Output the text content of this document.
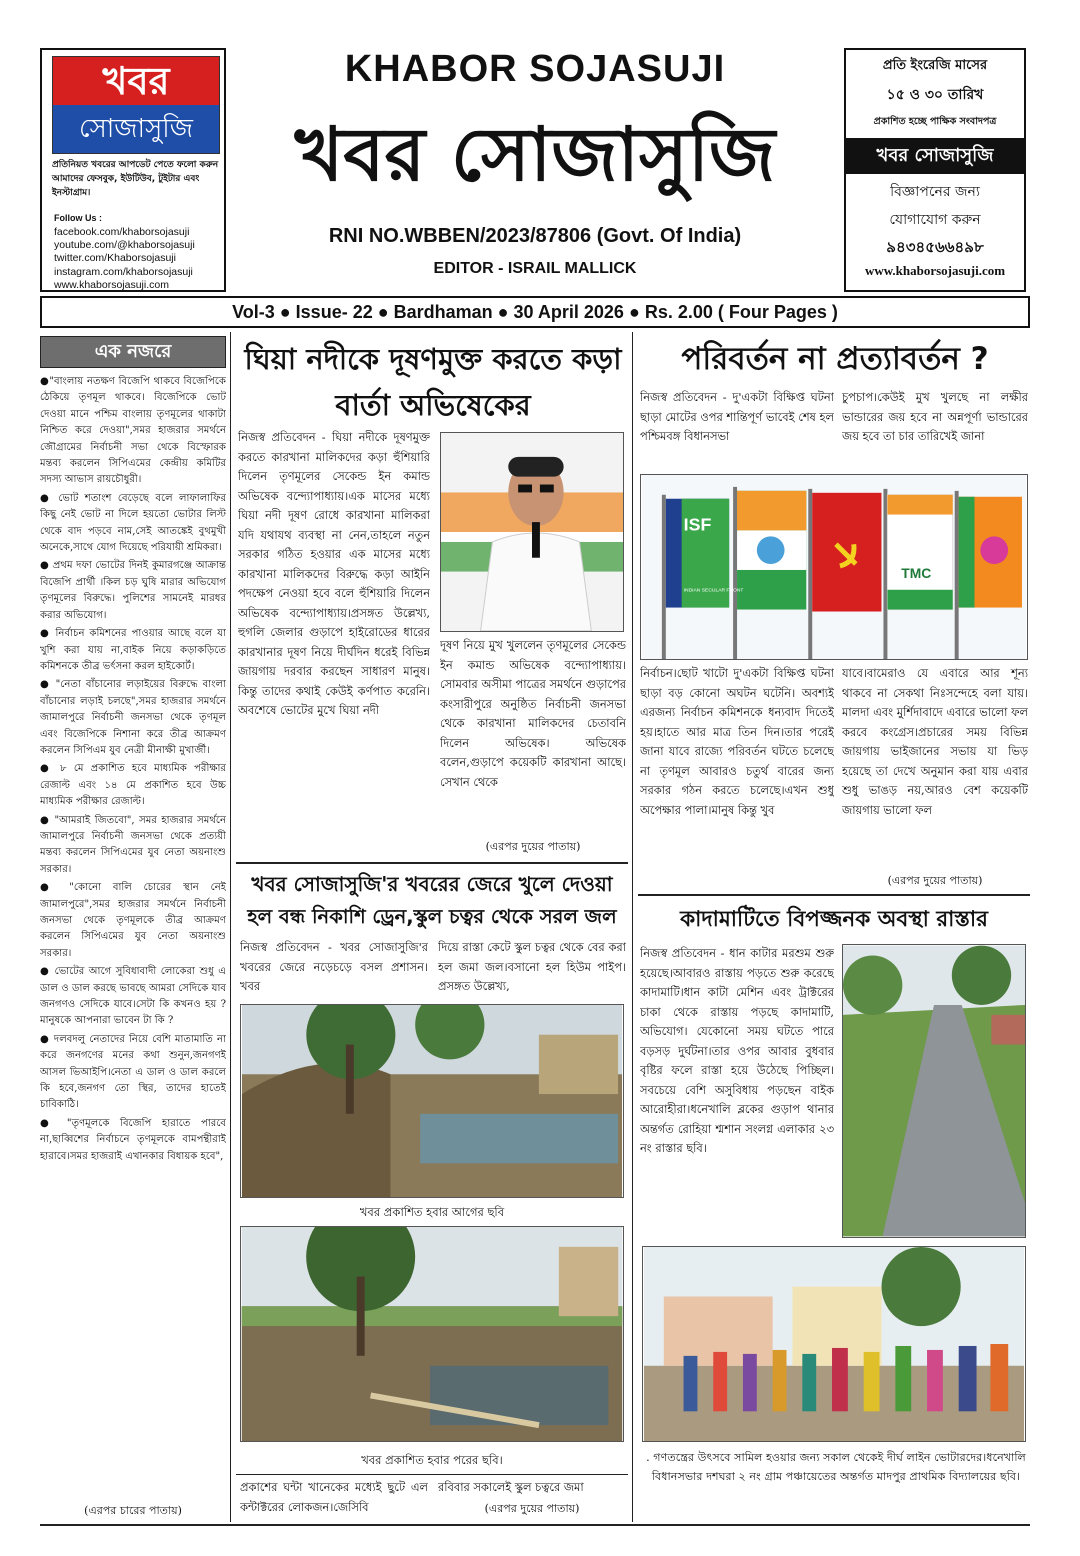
খবর
সোজাসুজি
প্রতিনিয়ত খবরের আপডেট পেতে ফলো করুন আমাদের ফেসবুক, ইউটিউব, টুইটার এবং ইনস্টাগ্রাম।
Follow Us :
facebook.com/khaborsojasuji
youtube.com/@khaborsojasuji
twitter.com/Khaborsojasuji
instagram.com/khaborsojasuji
www.khaborsojasuji.com
KHABOR SOJASUJI
খবর সোজাসুজি
RNI NO.WBBEN/2023/87806 (Govt. Of India)
EDITOR - ISRAIL MALLICK
প্রতি ইংরেজি মাসের
১৫ ও ৩০ তারিখ
প্রকাশিত হচ্ছে পাক্ষিক সংবাদপত্র
খবর সোজাসুজি
বিজ্ঞাপনের জন্য
যোগাযোগ করুন
৯৪৩৪৫৬৬৪৯৮
www.khaborsojasuji.com
Vol-3 ● Issue- 22 ● Bardhaman ● 30 April 2026 ● Rs. 2.00 ( Four Pages )
এক নজরে
●"বাংলায় নতক্ষণ বিজেপি থাকবে বিজেপিকে ঠেকিয়ে তৃণমূল থাকবে। বিজেপিকে ভোট দেওয়া মানে পশ্চিম বাংলায় তৃণমূলের থাকাটা নিশ্চিত করে দেওয়া",সমর হাজরার সমর্থনে জৌগ্রামের নির্বাচনী সভা থেকে বিস্ফোরক মন্তব্য করলেন সিপিএমের কেন্দ্রীয় কমিটির সদস্য আভাস রায়চৌধুরী।
● ভোট শতাংশ বেড়েছে বলে লাফালাফির কিছু নেই ভোট না দিলে হয়তো ভোটার লিস্ট থেকে বাদ পড়বে নাম,সেই আতঙ্কেই বুথমুখী অনেকে,সাথে যোগ দিয়েছে পরিযায়ী শ্রমিকরা।
● প্রথম দফা ভোটের দিনই কুমারগঞ্জে আক্রান্ত বিজেপি প্রার্থী ।কিল চড় ঘুষি মারার অভিযোগ তৃণমূলের বিরুদ্ধে। পুলিশের সামনেই মারধর করার অভিযোগ।
● নির্বাচন কমিশনের পাওয়ার আছে বলে যা খুশি করা যায় না,বাইক নিয়ে কড়াকড়িতে কমিশনকে তীব্র ভর্ৎসনা করল হাইকোর্ট।
● "নেতা বাঁচানোর লড়াইয়ের বিরুদ্ধে বাংলা বাঁচানোর লড়াই চলছে",সমর হাজরার সমর্থনে জামালপুরে নির্বাচনী জনসভা থেকে তৃণমূল এবং বিজেপিকে নিশানা করে তীব্র আক্রমণ করলেন সিপিএম যুব নেত্রী মীনাক্ষী মুখার্জী।
● ৮ মে প্রকাশিত হবে মাধ্যমিক পরীক্ষার রেজাল্ট এবং ১৪ মে প্রকাশিত হবে উচ্চ মাধ্যমিক পরীক্ষার রেজাল্ট।
● "আমরাই জিতবো", সমর হাজরার সমর্থনে জামালপুরে নির্বাচনী জনসভা থেকে প্রত্যয়ী মন্তব্য করলেন সিপিএমের যুব নেতা অয়নাংশু সরকার।
● "কোনো বালি চোরের স্থান নেই জামালপুরে",সমর হাজরার সমর্থনে নির্বাচনী জনসভা থেকে তৃণমূলকে তীব্র আক্রমণ করলেন সিপিএমের যুব নেতা অয়নাংশু সরকার।
● ভোটের আগে সুবিধাবাদী লোকেরা শুধু এ ডাল ও ডাল করছে ভাবছে আমরা সেদিকে যাব জনগণও সেদিকে যাবে।সেটা কি কখনও হয় ? মানুষকে আপনারা ভাবেন টা কি ?
● দলবদলু নেতাদের নিয়ে বেশি মাতামাতি না করে জনগণের মনের কথা শুনুন,জনগণই আসল ভিআইপি।নেতা এ ডাল ও ডাল করলে কি হবে,জনগণ তো স্থির, তাদের হাতেই চাবিকাঠি।
● "তৃণমূলকে বিজেপি হারাতে পারবে না,ছাব্বিশের নির্বাচনে তৃণমূলকে বামপন্থীরাই হারাবে।সমর হাজরাই এখানকার বিধায়ক হবে",
(এরপর চারের পাতায়)
ঘিয়া নদীকে দূষণমুক্ত করতে কড়া বার্তা অভিষেকের

নিজস্ব প্রতিবেদন - ঘিয়া নদীকে দূষণমুক্ত করতে কারখানা মালিকদের কড়া হুঁশিয়ারি দিলেন তৃণমূলের সেকেন্ড ইন কমান্ড অভিষেক বন্দ্যোপাধ্যায়।এক মাসের মধ্যে ঘিয়া নদী দূষণ রোধে কারখানা মালিকরা যদি যথাযথ ব্যবস্থা না নেন,তাহলে নতুন সরকার গঠিত হওয়ার এক মাসের মধ্যে কারখানা মালিকদের বিরুদ্ধে কড়া আইনি পদক্ষেপ নেওয়া হবে বলে হুঁশিয়ারি দিলেন অভিষেক বন্দ্যোপাধ্যায়।প্রসঙ্গত উল্লেখ্য, হুগলি জেলার গুড়াপে হাইরোডের ধারের কারখানার দূষণ নিয়ে দীর্ঘদিন ধরেই বিভিন্ন জায়গায় দরবার করছেন সাধারণ মানুষ।কিন্তু তাদের কথাই কেউই কর্ণপাত করেনি। অবশেষে ভোটের মুখে ঘিয়া নদী

দূষণ নিয়ে মুখ খুললেন তৃণমূলের সেকেন্ড ইন কমান্ড অভিষেক বন্দ্যোপাধ্যায়। সোমবার অসীমা পাত্রের সমর্থনে গুড়াপের কংসারীপুরে অনুষ্ঠিত নির্বাচনী জনসভা থেকে কারখানা মালিকদের চেতাবনি দিলেন অভিষেক। অভিষেক বলেন,গুড়াপে কয়েকটি কারখানা আছে। সেখান থেকে

(এরপর দুয়ের পাতায়)
খবর সোজাসুজি'র খবরের জেরে খুলে দেওয়া
হল বন্ধ নিকাশি ড্রেন,স্কুল চত্বর থেকে সরল জল

নিজস্ব প্রতিবেদন - খবর সোজাসুজি'র খবরের জেরে নড়েচড়ে বসল প্রশাসন।খবর

দিয়ে রাস্তা কেটে স্কুল চত্বর থেকে বের করা হল জমা জল।বসানো হল হিউম পাইপ।প্রসঙ্গত উল্লেখ্য,

খবর প্রকাশিত হবার আগের ছবি
খবর প্রকাশিত হবার পরের ছবি।

প্রকাশের ঘন্টা খানেকের মধ্যেই ছুটে এল কন্টাক্টরের লোকজন।জেসিবি

রবিবার সকালেই স্কুল চত্বরে জমা

(এরপর দুয়ের পাতায়)
পরিবর্তন না প্রত্যাবর্তন ?

নিজস্ব প্রতিবেদন - দু'একটা বিক্ষিপ্ত ঘটনা ছাড়া মোটের ওপর শান্তিপূর্ণ ভাবেই শেষ হল পশ্চিমবঙ্গ বিধানসভা

চুপচাপ।কেউই মুখ খুলছে না লক্ষীর ভান্ডারের জয় হবে না অন্নপূর্ণা ভান্ডারের জয় হবে তা চার তারিখেই জানা

ISF
INDIAN SECULAR FRONT
TMC

নির্বাচন।ছোট খাটো দু'একটা বিক্ষিপ্ত ঘটনা ছাড়া বড় কোনো অঘটন ঘটেনি। অবশ্যই এরজন্য নির্বাচন কমিশনকে ধন্যবাদ দিতেই হয়।হাতে আর মাত্র তিন দিন।তার পরেই জানা যাবে রাজ্যে পরিবর্তন ঘটতে চলেছে না তৃণমূল আবারও চতুর্থ বারের জন্য সরকার গঠন করতে চলেছে।এখন শুধু অপেক্ষার পালা।মানুষ কিন্তু খুব

যাবে।বামেরাও যে এবারে আর শূন্য থাকবে না সেকথা নিঃসন্দেহে বলা যায়।মালদা এবং মুর্শিদাবাদে এবারে ভালো ফল করবে কংগ্রেস।প্রচারের সময় বিভিন্ন জায়গায় ভাইজানের সভায় যা ভিড় হয়েছে তা দেখে অনুমান করা যায় এবার শুধু ভাঙড় নয়,আরও বেশ কয়েকটি জায়গায় ভালো ফল

(এরপর দুয়ের পাতায়)
কাদামাটিতে বিপজ্জনক অবস্থা রাস্তার

নিজস্ব প্রতিবেদন - ধান কাটার মরশুম শুরু হয়েছে।আবারও রাস্তায় পড়তে শুরু করেছে কাদামাটি।ধান কাটা মেশিন এবং ট্রাক্টরের চাকা থেকে রাস্তায় পড়ছে কাদামাটি, অভিযোগ। যেকোনো সময় ঘটতে পারে বড়সড় দুর্ঘটনা।তার ওপর আবার বুধবার বৃষ্টির ফলে রাস্তা হয়ে উঠেছে পিচ্ছিল। সবচেয়ে বেশি অসুবিধায় পড়ছেন বাইক আরোহীরা।ধনেখালি ব্লকের গুড়াপ থানার অন্তর্গত রোহিয়া শ্মশান সংলগ্ন এলাকার ২৩ নং রাস্তার ছবি।

. গণতন্ত্রের উৎসবে সামিল হওয়ার জন্য সকাল থেকেই দীর্ঘ লাইন ভোটারদের।ধনেখালি বিধানসভার দশঘরা ২ নং গ্রাম পঞ্চায়েতের অন্তর্গত মাদপুর প্রাথমিক বিদ্যালয়ের ছবি।
